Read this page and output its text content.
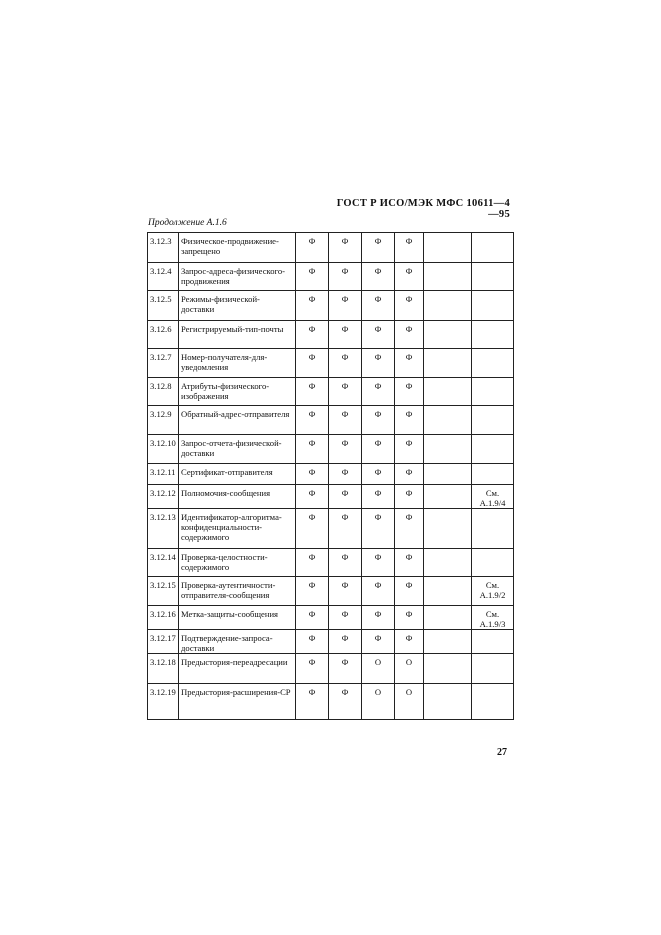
ГОСТ Р ИСО/МЭК МФС 10611—4—95
Продолжение А.1.6
3.12.3	Физическое-продвижение-запрещено	Ф	Ф	Ф	Ф		
3.12.4	Запрос-адреса-физического-продвижения	Ф	Ф	Ф	Ф		
3.12.5	Режимы-физической-доставки	Ф	Ф	Ф	Ф		
3.12.6	Регистрируемый-тип-почты	Ф	Ф	Ф	Ф		
3.12.7	Номер-получателя-для-уведомления	Ф	Ф	Ф	Ф		
3.12.8	Атрибуты-физического-изображения	Ф	Ф	Ф	Ф		
3.12.9	Обратный-адрес-отправителя	Ф	Ф	Ф	Ф		
3.12.10	Запрос-отчета-физической-доставки	Ф	Ф	Ф	Ф		
3.12.11	Сертификат-отправителя	Ф	Ф	Ф	Ф		
3.12.12	Полномочия-сообщения	Ф	Ф	Ф	Ф		См. А.1.9/4
3.12.13	Идентификатор-алгоритма-конфиденциальности-содержимого	Ф	Ф	Ф	Ф		
3.12.14	Проверка-целостности-содержимого	Ф	Ф	Ф	Ф		
3.12.15	Проверка-аутентичности-отправителя-сообщения	Ф	Ф	Ф	Ф		См. А.1.9/2
3.12.16	Метка-защиты-сообщения	Ф	Ф	Ф	Ф		См. А.1.9/3
3.12.17	Подтверждение-запроса-доставки	Ф	Ф	Ф	Ф		
3.12.18	Предыстория-переадресации	Ф	Ф	О	О		
3.12.19	Предыстория-расширения-СР	Ф	Ф	О	О		
27
